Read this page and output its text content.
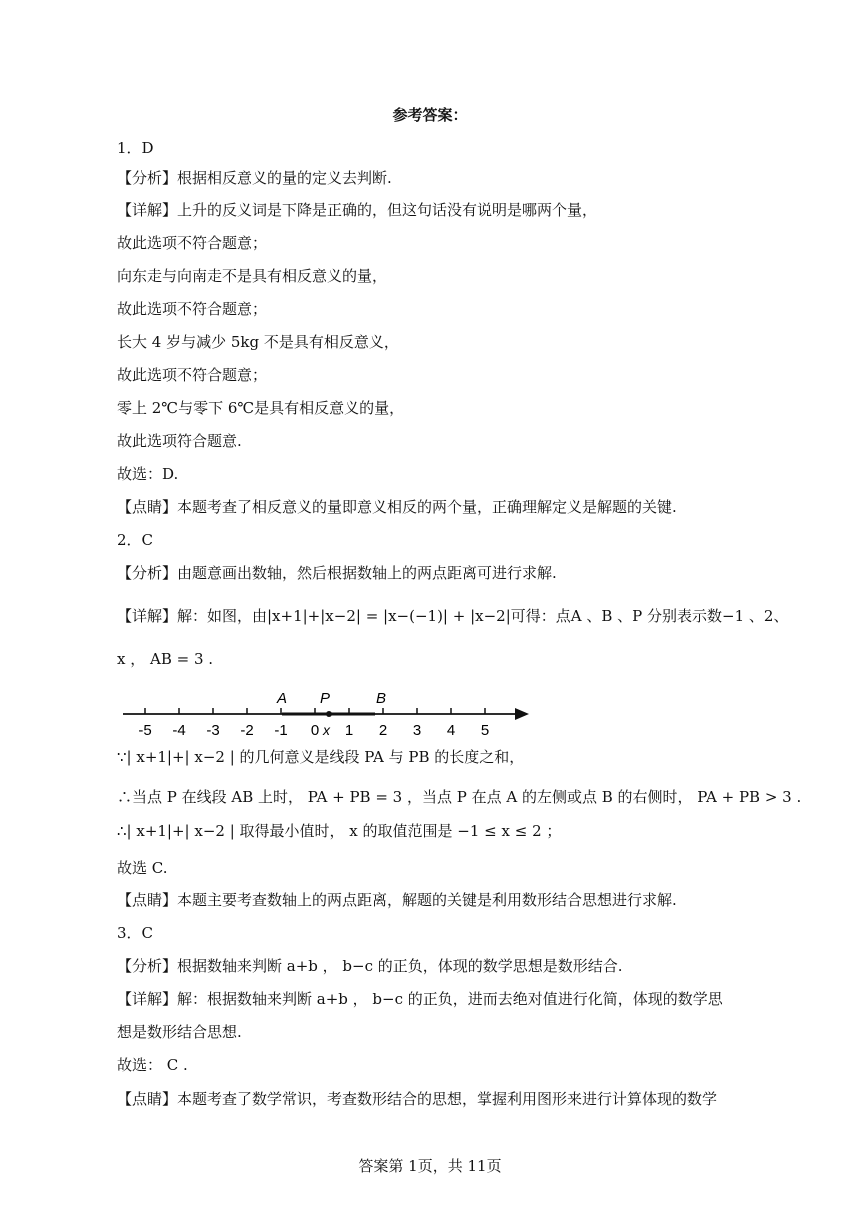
参考答案：
1．D
【分析】根据相反意义的量的定义去判断.
【详解】上升的反义词是下降是正确的，但这句话没有说明是哪两个量，
故此选项不符合题意；
向东走与向南走不是具有相反意义的量，
故此选项不符合题意；
长大 4 岁与减少 5kg 不是具有相反意义，
故此选项不符合题意；
零上 2℃与零下 6℃是具有相反意义的量，
故此选项符合题意.
故选：D.
【点睛】本题考查了相反意义的量即意义相反的两个量，正确理解定义是解题的关键.
2．C
【分析】由题意画出数轴，然后根据数轴上的两点距离可进行求解.
【详解】解：如图，由|x+1|+|x−2| = |x−(−1)| + |x−2|可得：点A 、B 、P 分别表示数−1 、2、
x ， AB = 3 .
-5 -4 -3 -2 -1 0 1 2 3 4 5
A P	B
x
∵| x+1|+| x−2 | 的几何意义是线段 PA 与 PB 的长度之和，
∴当点 P 在线段 AB 上时， PA + PB = 3 ，当点 P 在点 A 的左侧或点 B 的右侧时， PA + PB > 3 .
∴| x+1|+| x−2 | 取得最小值时， x 的取值范围是 −1 ≤ x ≤ 2 ；
故选 C.
【点睛】本题主要考查数轴上的两点距离，解题的关键是利用数形结合思想进行求解.
3．C
【分析】根据数轴来判断 a+b ， b−c 的正负，体现的数学思想是数形结合.
【详解】解：根据数轴来判断 a+b ， b−c 的正负，进而去绝对值进行化简，体现的数学思
想是数形结合思想.
故选： C .
【点睛】本题考查了数学常识，考查数形结合的思想，掌握利用图形来进行计算体现的数学
答案第 1页，共 11页
